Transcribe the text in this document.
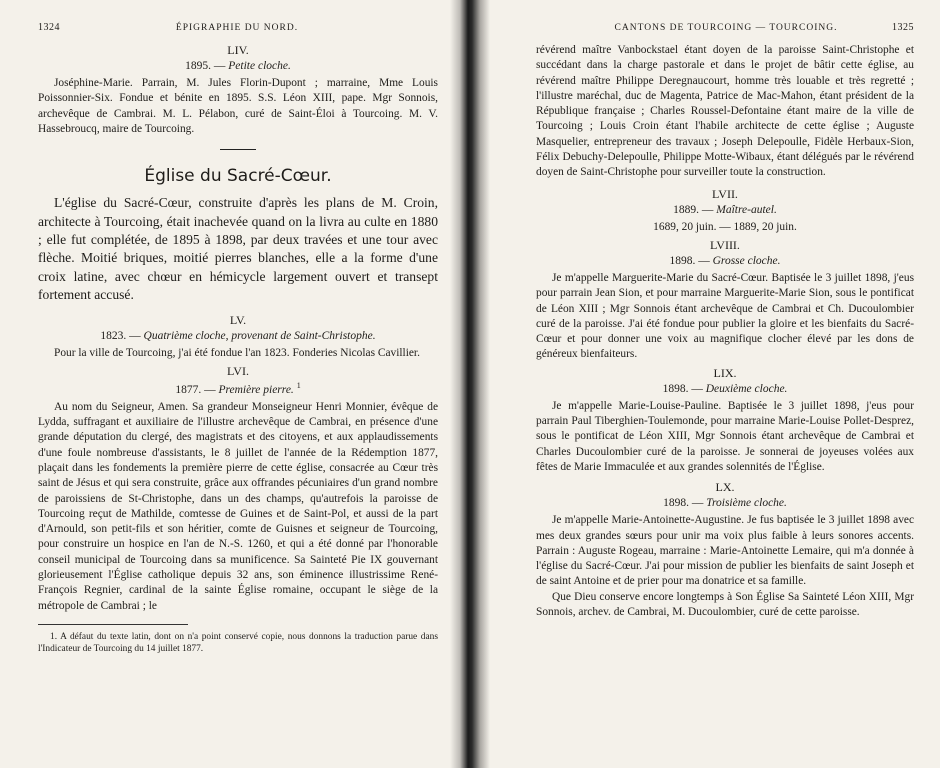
1324	ÉPIGRAPHIE DU NORD.
LIV.
1895. — Petite cloche.

Joséphine-Marie. Parrain, M. Jules Florin-Dupont ; marraine, Mme Louis Poissonnier-Six. Fondue et bénite en 1895. S.S. Léon XIII, pape. Mgr Sonnois, archevêque de Cambrai. M. L. Pélabon, curé de Saint-Éloi à Tourcoing. M. V. Hassebroucq, maire de Tourcoing.

Église du Sacré-Cœur.

L'église du Sacré-Cœur, construite d'après les plans de M. Croin, architecte à Tourcoing, était inachevée quand on la livra au culte en 1880 ; elle fut complétée, de 1895 à 1898, par deux travées et une tour avec flèche. Moitié briques, moitié pierres blanches, elle a la forme d'une croix latine, avec chœur en hémicycle largement ouvert et transept fortement accusé.

LV.
1823. — Quatrième cloche, provenant de Saint-Christophe.

Pour la ville de Tourcoing, j'ai été fondue l'an 1823. Fonderies Nicolas Cavillier.

LVI.
1877. — Première pierre. $^1$

Au nom du Seigneur, Amen. Sa grandeur Monseigneur Henri Monnier, évêque de Lydda, suffragant et auxiliaire de l'illustre archevêque de Cambrai, en présence d'une grande députation du clergé, des magistrats et des citoyens, et aux applaudissements d'une foule nombreuse d'assistants, le 8 juillet de l'année de la Rédemption 1877, plaçait dans les fondements la première pierre de cette église, consacrée au Cœur très saint de Jésus et qui sera construite, grâce aux offrandes pécuniaires d'un grand nombre de paroissiens de St-Christophe, dans un des champs, qu'autrefois la paroisse de Tourcoing reçut de Mathilde, comtesse de Guines et de Saint-Pol, et aussi de la part d'Arnould, son petit-fils et son héritier, comte de Guisnes et seigneur de Tourcoing, pour construire un hospice en l'an de N.-S. 1260, et qui a été donné par l'honorable conseil municipal de Tourcoing dans sa munificence. Sa Sainteté Pie IX gouvernant glorieusement l'Église catholique depuis 32 ans, son éminence illustrissime René-François Regnier, cardinal de la sainte Église romaine, occupant le siège de la métropole de Cambrai ; le

1. A défaut du texte latin, dont on n'a point conservé copie, nous donnons la traduction parue dans l'Indicateur de Tourcoing du 14 juillet 1877.

CANTONS DE TOURCOING — TOURCOING.	1325

révérend maître Vanbockstael étant doyen de la paroisse Saint-Christophe et succédant dans la charge pastorale et dans le projet de bâtir cette église, au révérend maître Philippe Deregnaucourt, homme très louable et très regretté ; l'illustre maréchal, duc de Magenta, Patrice de Mac-Mahon, étant président de la République française ; Charles Roussel-Defontaine étant maire de la ville de Tourcoing ; Louis Croin étant l'habile architecte de cette église ; Auguste Masquelier, entrepreneur des travaux ; Joseph Delepoulle, Fidèle Herbaux-Sion, Félix Debuchy-Delepoulle, Philippe Motte-Wibaux, étant délégués par le révérend doyen de Saint-Christophe pour surveiller toute la construction.

LVII.
1889. — Maître-autel.

1689, 20 juin. — 1889, 20 juin.

LVIII.
1898. — Grosse cloche.

Je m'appelle Marguerite-Marie du Sacré-Cœur. Baptisée le 3 juillet 1898, j'eus pour parrain Jean Sion, et pour marraine Marguerite-Marie Sion, sous le pontificat de Léon XIII ; Mgr Sonnois étant archevêque de Cambrai et Ch. Ducoulombier curé de la paroisse. J'ai été fondue pour publier la gloire et les bienfaits du Sacré-Cœur et pour donner une voix au magnifique clocher élevé par les dons de généreux bienfaiteurs.

LIX.
1898. — Deuxième cloche.

Je m'appelle Marie-Louise-Pauline. Baptisée le 3 juillet 1898, j'eus pour parrain Paul Tiberghien-Toulemonde, pour marraine Marie-Louise Pollet-Desprez, sous le pontificat de Léon XIII, Mgr Sonnois étant archevêque de Cambrai et Charles Ducoulombier curé de la paroisse. Je sonnerai de joyeuses volées aux fêtes de Marie Immaculée et aux grandes solennités de l'Église.

LX.
1898. — Troisième cloche.

Je m'appelle Marie-Antoinette-Augustine. Je fus baptisée le 3 juillet 1898 avec mes deux grandes sœurs pour unir ma voix plus faible à leurs sonores accents. Parrain : Auguste Rogeau, marraine : Marie-Antoinette Lemaire, qui m'a donnée à l'église du Sacré-Cœur. J'ai pour mission de publier les bienfaits de saint Joseph et de saint Antoine et de prier pour ma donatrice et sa famille.

Que Dieu conserve encore longtemps à Son Église Sa Sainteté Léon XIII, Mgr Sonnois, archev. de Cambrai, M. Ducoulombier, curé de cette paroisse.
